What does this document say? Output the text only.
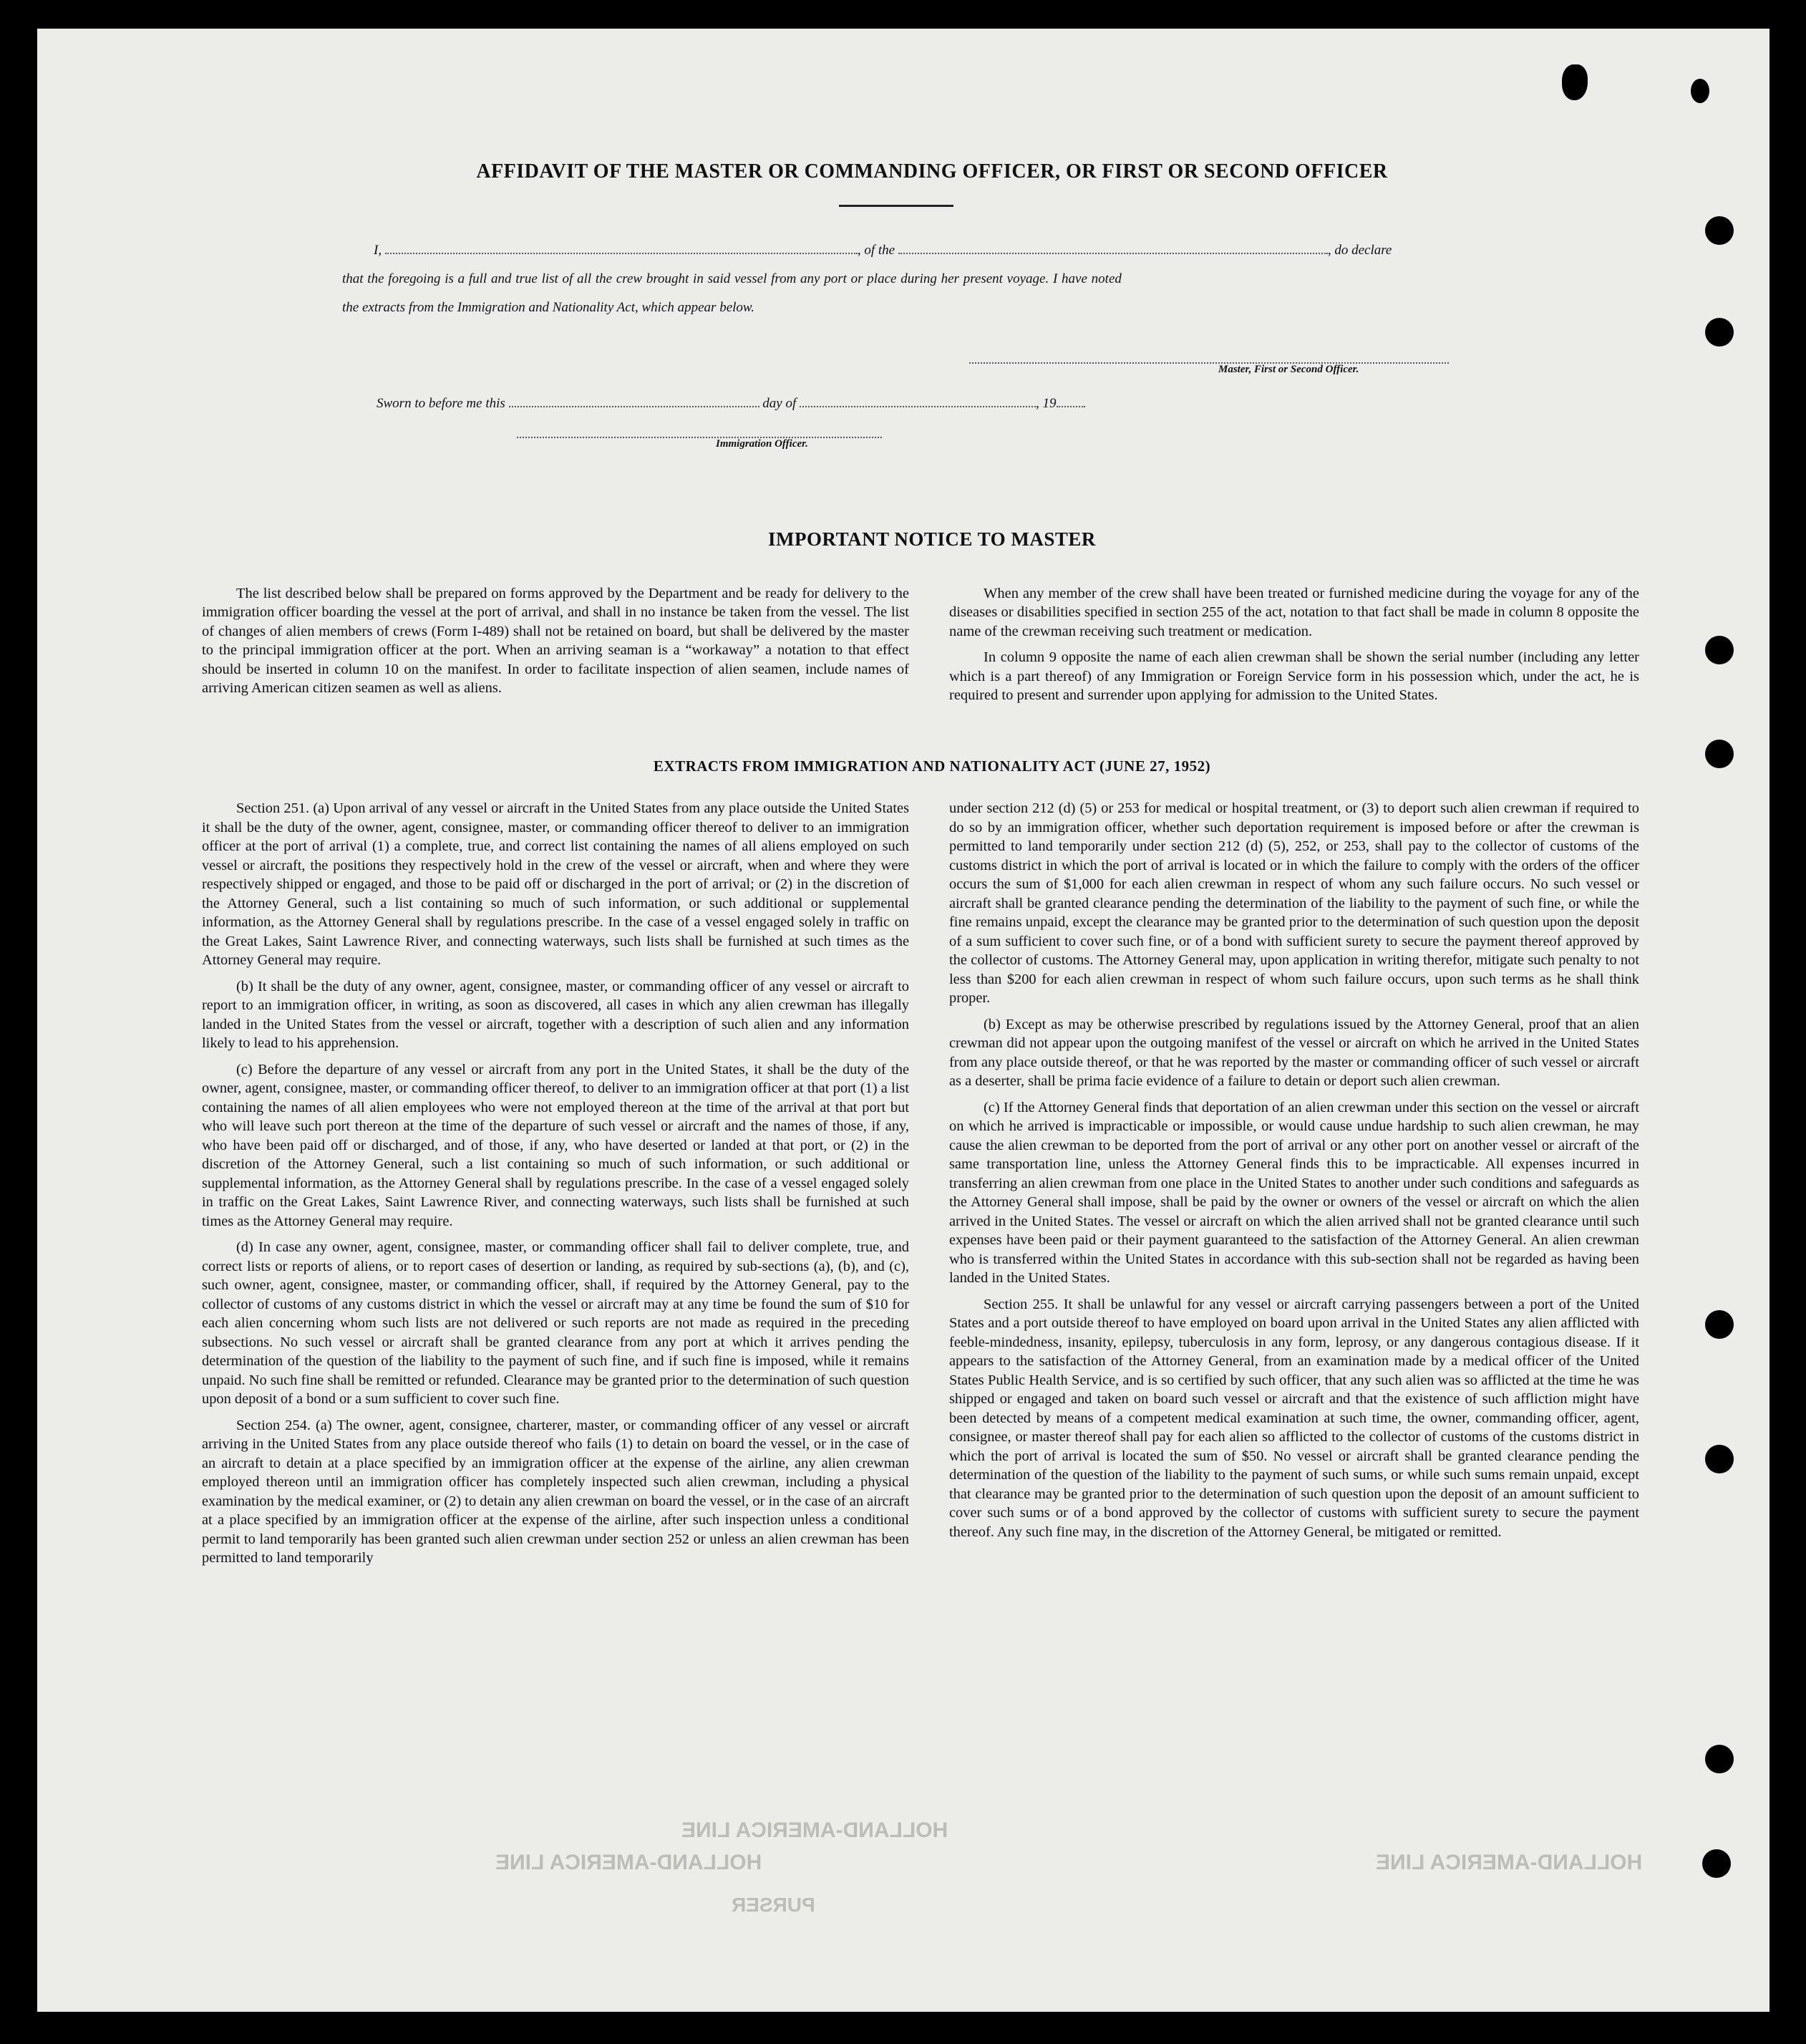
HOLLAND-AMERICA LINE
HOLLAND-AMERICA LINE
HOLLAND-AMERICA LINE
PURSER
AFFIDAVIT OF THE MASTER OR COMMANDING OFFICER, OR FIRST OR SECOND OFFICER
I,	, of the	, do declare
that the foregoing is a full and true list of all the crew brought in said vessel from any port or place during her present voyage. I have noted
the extracts from the Immigration and Nationality Act, which appear below.
Master, First or Second Officer.
Sworn to before me this	day of	, 19
Immigration Officer.
IMPORTANT NOTICE TO MASTER

The list described below shall be prepared on forms approved by the Department and be ready for delivery to the immigration officer boarding the vessel at the port of arrival, and shall in no instance be taken from the vessel. The list of changes of alien members of crews (Form I-489) shall not be retained on board, but shall be delivered by the master to the principal immigration officer at the port. When an arriving seaman is a “workaway” a notation to that effect should be inserted in column 10 on the manifest. In order to facilitate inspection of alien seamen, include names of arriving American citizen seamen as well as aliens.

When any member of the crew shall have been treated or furnished medicine during the voyage for any of the diseases or disabilities specified in section 255 of the act, notation to that fact shall be made in column 8 opposite the name of the crewman receiving such treatment or medication.

In column 9 opposite the name of each alien crewman shall be shown the serial number (including any letter which is a part thereof) of any Immigration or Foreign Service form in his possession which, under the act, he is required to present and surrender upon applying for admission to the United States.

EXTRACTS FROM IMMIGRATION AND NATIONALITY ACT (JUNE 27, 1952)

Section 251. (a) Upon arrival of any vessel or aircraft in the United States from any place outside the United States it shall be the duty of the owner, agent, consignee, master, or commanding officer thereof to deliver to an immigration officer at the port of arrival (1) a complete, true, and correct list containing the names of all aliens employed on such vessel or aircraft, the positions they respectively hold in the crew of the vessel or aircraft, when and where they were respectively shipped or engaged, and those to be paid off or discharged in the port of arrival; or (2) in the discretion of the Attorney General, such a list containing so much of such information, or such additional or supplemental information, as the Attorney General shall by regulations prescribe. In the case of a vessel engaged solely in traffic on the Great Lakes, Saint Lawrence River, and connecting waterways, such lists shall be furnished at such times as the Attorney General may require.

(b) It shall be the duty of any owner, agent, consignee, master, or commanding officer of any vessel or aircraft to report to an immigration officer, in writing, as soon as discovered, all cases in which any alien crewman has illegally landed in the United States from the vessel or aircraft, together with a description of such alien and any information likely to lead to his apprehension.

(c) Before the departure of any vessel or aircraft from any port in the United States, it shall be the duty of the owner, agent, consignee, master, or commanding officer thereof, to deliver to an immigration officer at that port (1) a list containing the names of all alien employees who were not employed thereon at the time of the arrival at that port but who will leave such port thereon at the time of the departure of such vessel or aircraft and the names of those, if any, who have been paid off or discharged, and of those, if any, who have deserted or landed at that port, or (2) in the discretion of the Attorney General, such a list containing so much of such information, or such additional or supplemental information, as the Attorney General shall by regulations prescribe. In the case of a vessel engaged solely in traffic on the Great Lakes, Saint Lawrence River, and connecting waterways, such lists shall be furnished at such times as the Attorney General may require.

(d) In case any owner, agent, consignee, master, or commanding officer shall fail to deliver complete, true, and correct lists or reports of aliens, or to report cases of desertion or landing, as required by sub-sections (a), (b), and (c), such owner, agent, consignee, master, or commanding officer, shall, if required by the Attorney General, pay to the collector of customs of any customs district in which the vessel or aircraft may at any time be found the sum of $10 for each alien concerning whom such lists are not delivered or such reports are not made as required in the preceding subsections. No such vessel or aircraft shall be granted clearance from any port at which it arrives pending the determination of the question of the liability to the payment of such fine, and if such fine is imposed, while it remains unpaid. No such fine shall be remitted or refunded. Clearance may be granted prior to the determination of such question upon deposit of a bond or a sum sufficient to cover such fine.

Section 254. (a) The owner, agent, consignee, charterer, master, or commanding officer of any vessel or aircraft arriving in the United States from any place outside thereof who fails (1) to detain on board the vessel, or in the case of an aircraft to detain at a place specified by an immigration officer at the expense of the airline, any alien crewman employed thereon until an immigration officer has completely inspected such alien crewman, including a physical examination by the medical examiner, or (2) to detain any alien crewman on board the vessel, or in the case of an aircraft at a place specified by an immigration officer at the expense of the airline, after such inspection unless a conditional permit to land temporarily has been granted such alien crewman under section 252 or unless an alien crewman has been permitted to land temporarily

under section 212 (d) (5) or 253 for medical or hospital treatment, or (3) to deport such alien crewman if required to do so by an immigration officer, whether such deportation requirement is imposed before or after the crewman is permitted to land temporarily under section 212 (d) (5), 252, or 253, shall pay to the collector of customs of the customs district in which the port of arrival is located or in which the failure to comply with the orders of the officer occurs the sum of $1,000 for each alien crewman in respect of whom any such failure occurs. No such vessel or aircraft shall be granted clearance pending the determination of the liability to the payment of such fine, or while the fine remains unpaid, except the clearance may be granted prior to the determination of such question upon the deposit of a sum sufficient to cover such fine, or of a bond with sufficient surety to secure the payment thereof approved by the collector of customs. The Attorney General may, upon application in writing therefor, mitigate such penalty to not less than $200 for each alien crewman in respect of whom such failure occurs, upon such terms as he shall think proper.

(b) Except as may be otherwise prescribed by regulations issued by the Attorney General, proof that an alien crewman did not appear upon the outgoing manifest of the vessel or aircraft on which he arrived in the United States from any place outside thereof, or that he was reported by the master or commanding officer of such vessel or aircraft as a deserter, shall be prima facie evidence of a failure to detain or deport such alien crewman.

(c) If the Attorney General finds that deportation of an alien crewman under this section on the vessel or aircraft on which he arrived is impracticable or impossible, or would cause undue hardship to such alien crewman, he may cause the alien crewman to be deported from the port of arrival or any other port on another vessel or aircraft of the same transportation line, unless the Attorney General finds this to be impracticable. All expenses incurred in transferring an alien crewman from one place in the United States to another under such conditions and safeguards as the Attorney General shall impose, shall be paid by the owner or owners of the vessel or aircraft on which the alien arrived in the United States. The vessel or aircraft on which the alien arrived shall not be granted clearance until such expenses have been paid or their payment guaranteed to the satisfaction of the Attorney General. An alien crewman who is transferred within the United States in accordance with this sub-section shall not be regarded as having been landed in the United States.

Section 255. It shall be unlawful for any vessel or aircraft carrying passengers between a port of the United States and a port outside thereof to have employed on board upon arrival in the United States any alien afflicted with feeble-mindedness, insanity, epilepsy, tuberculosis in any form, leprosy, or any dangerous contagious disease. If it appears to the satisfaction of the Attorney General, from an examination made by a medical officer of the United States Public Health Service, and is so certified by such officer, that any such alien was so afflicted at the time he was shipped or engaged and taken on board such vessel or aircraft and that the existence of such affliction might have been detected by means of a competent medical examination at such time, the owner, commanding officer, agent, consignee, or master thereof shall pay for each alien so afflicted to the collector of customs of the customs district in which the port of arrival is located the sum of $50. No vessel or aircraft shall be granted clearance pending the determination of the question of the liability to the payment of such sums, or while such sums remain unpaid, except that clearance may be granted prior to the determination of such question upon the deposit of an amount sufficient to cover such sums or of a bond approved by the collector of customs with sufficient surety to secure the payment thereof. Any such fine may, in the discretion of the Attorney General, be mitigated or remitted.
